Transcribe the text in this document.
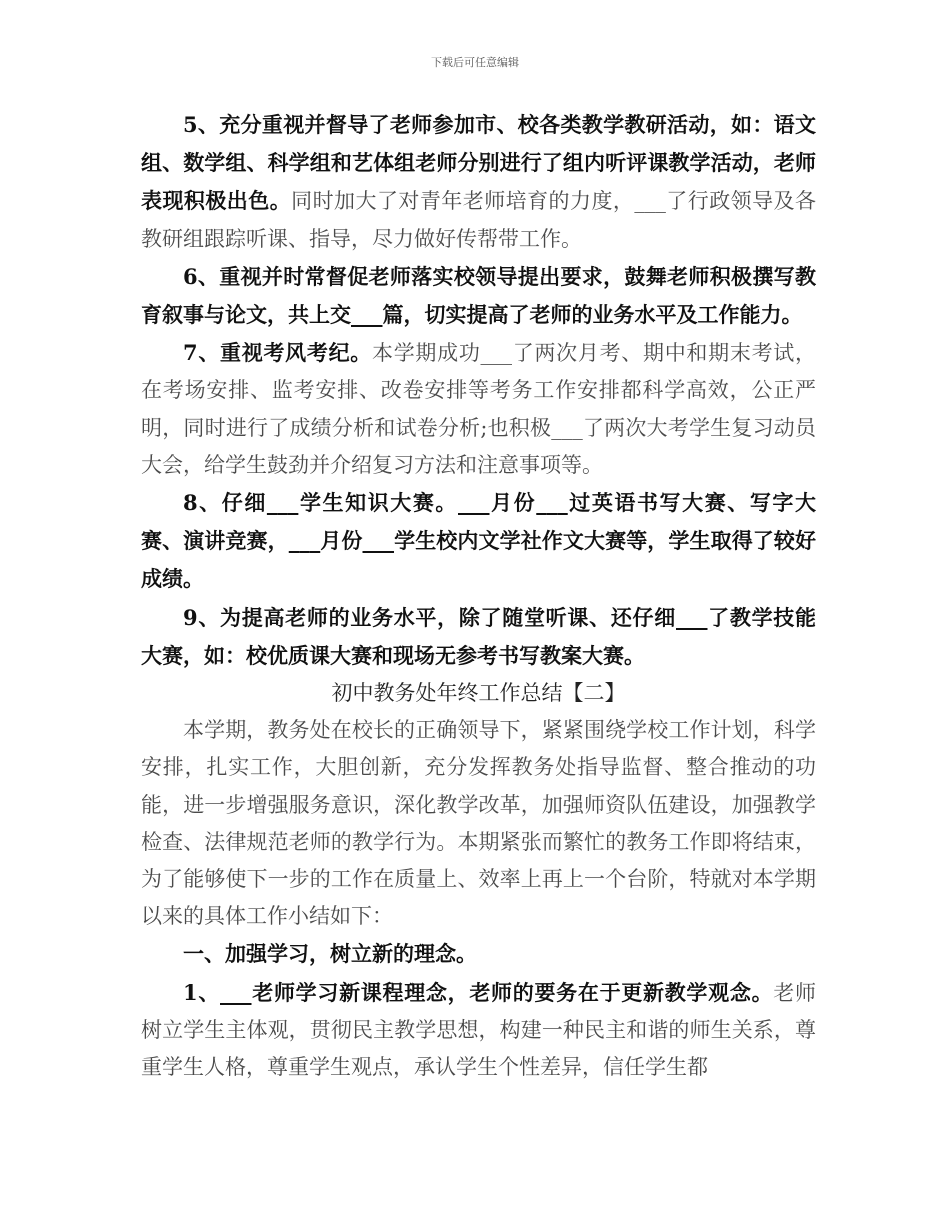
下载后可任意编辑

5、充分重视并督导了老师参加市、校各类教学教研活动，如：语文组、数学组、科学组和艺体组老师分别进行了组内听评课教学活动，老师表现积极出色。同时加大了对青年老师培育的力度，___了行政领导及各教研组跟踪听课、指导，尽力做好传帮带工作。

6、重视并时常督促老师落实校领导提出要求，鼓舞老师积极撰写教育叙事与论文，共上交___篇，切实提高了老师的业务水平及工作能力。

7、重视考风考纪。本学期成功___了两次月考、期中和期末考试，在考场安排、监考安排、改卷安排等考务工作安排都科学高效，公正严明，同时进行了成绩分析和试卷分析;也积极___了两次大考学生复习动员大会，给学生鼓劲并介绍复习方法和注意事项等。

8、仔细___学生知识大赛。___月份___过英语书写大赛、写字大赛、演讲竞赛，___月份___学生校内文学社作文大赛等，学生取得了较好成绩。

9、为提高老师的业务水平，除了随堂听课、还仔细___了教学技能大赛，如：校优质课大赛和现场无参考书写教案大赛。

初中教务处年终工作总结【二】

本学期，教务处在校长的正确领导下，紧紧围绕学校工作计划，科学安排，扎实工作，大胆创新，充分发挥教务处指导监督、整合推动的功能，进一步增强服务意识，深化教学改革，加强师资队伍建设，加强教学检查、法律规范老师的教学行为。本期紧张而繁忙的教务工作即将结束，为了能够使下一步的工作在质量上、效率上再上一个台阶，特就对本学期以来的具体工作小结如下：

一、加强学习，树立新的理念。

1、___老师学习新课程理念，老师的要务在于更新教学观念。老师树立学生主体观，贯彻民主教学思想，构建一种民主和谐的师生关系，尊重学生人格，尊重学生观点，承认学生个性差异，信任学生都
